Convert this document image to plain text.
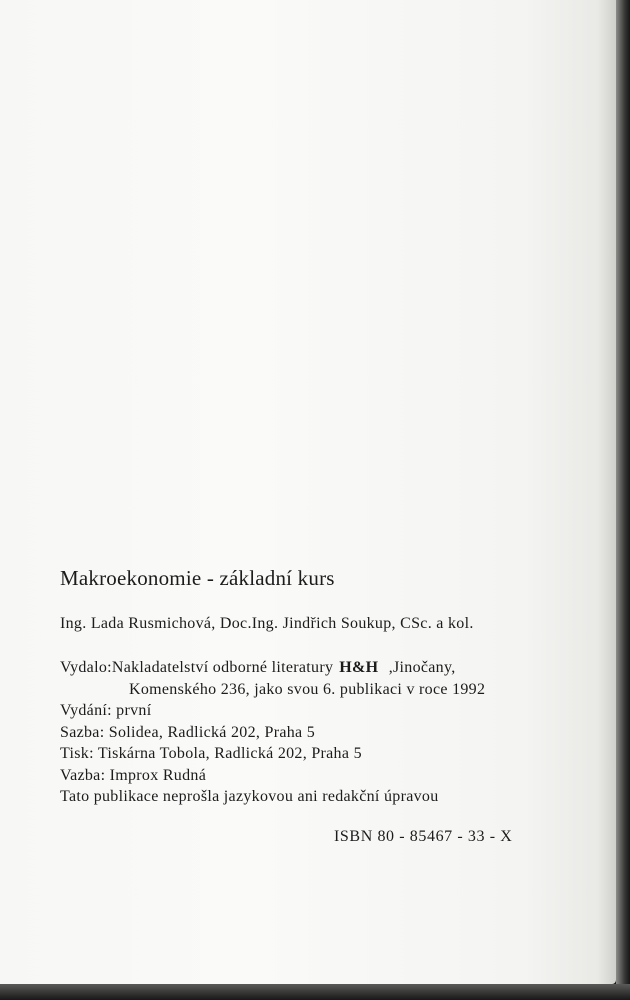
Makroekonomie - základní kurs
Ing. Lada Rusmichová, Doc.Ing. Jindřich Soukup, CSc. a kol.
Vydalo:Nakladatelství odborné literatury H&H ,Jinočany,
Komenského 236, jako svou 6. publikaci v roce 1992
Vydání: první
Sazba: Solidea, Radlická 202, Praha 5
Tisk: Tiskárna Tobola, Radlická 202, Praha 5
Vazba: Improx Rudná
Tato publikace neprošla jazykovou ani redakční úpravou
ISBN 80 - 85467 - 33 - X
